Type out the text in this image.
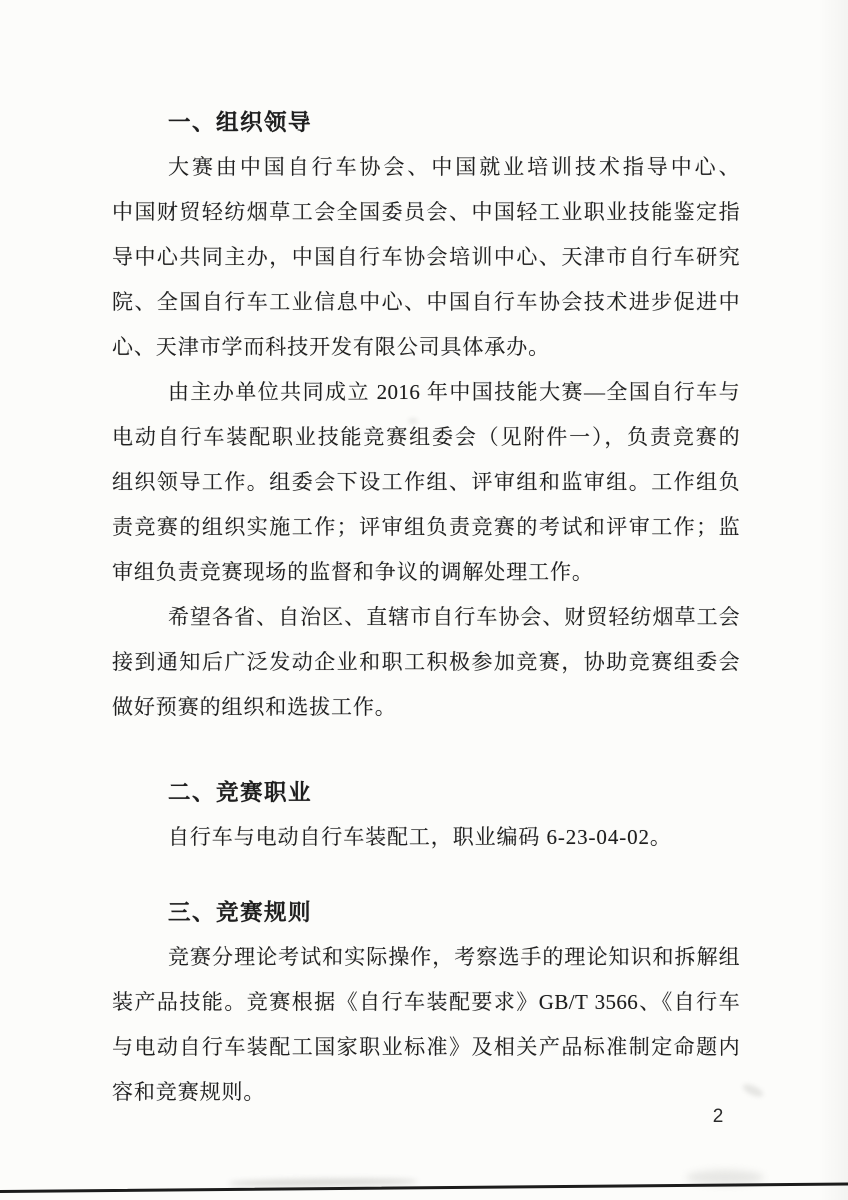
一、组织领导
大赛由中国自行车协会、中国就业培训技术指导中心、
中国财贸轻纺烟草工会全国委员会、中国轻工业职业技能鉴定指
导中心共同主办，中国自行车协会培训中心、天津市自行车研究
院、全国自行车工业信息中心、中国自行车协会技术进步促进中
心、天津市学而科技开发有限公司具体承办。
由主办单位共同成立 2016 年中国技能大赛—全国自行车与
电动自行车装配职业技能竞赛组委会（见附件一），负责竞赛的
组织领导工作。组委会下设工作组、评审组和监审组。工作组负
责竞赛的组织实施工作；评审组负责竞赛的考试和评审工作；监
审组负责竞赛现场的监督和争议的调解处理工作。
希望各省、自治区、直辖市自行车协会、财贸轻纺烟草工会
接到通知后广泛发动企业和职工积极参加竞赛，协助竞赛组委会
做好预赛的组织和选拔工作。
二、竞赛职业
自行车与电动自行车装配工，职业编码 6-23-04-02。
三、竞赛规则
竞赛分理论考试和实际操作，考察选手的理论知识和拆解组
装产品技能。竞赛根据《自行车装配要求》GB/T 3566、《自行车
与电动自行车装配工国家职业标准》及相关产品标准制定命题内
容和竞赛规则。
2
